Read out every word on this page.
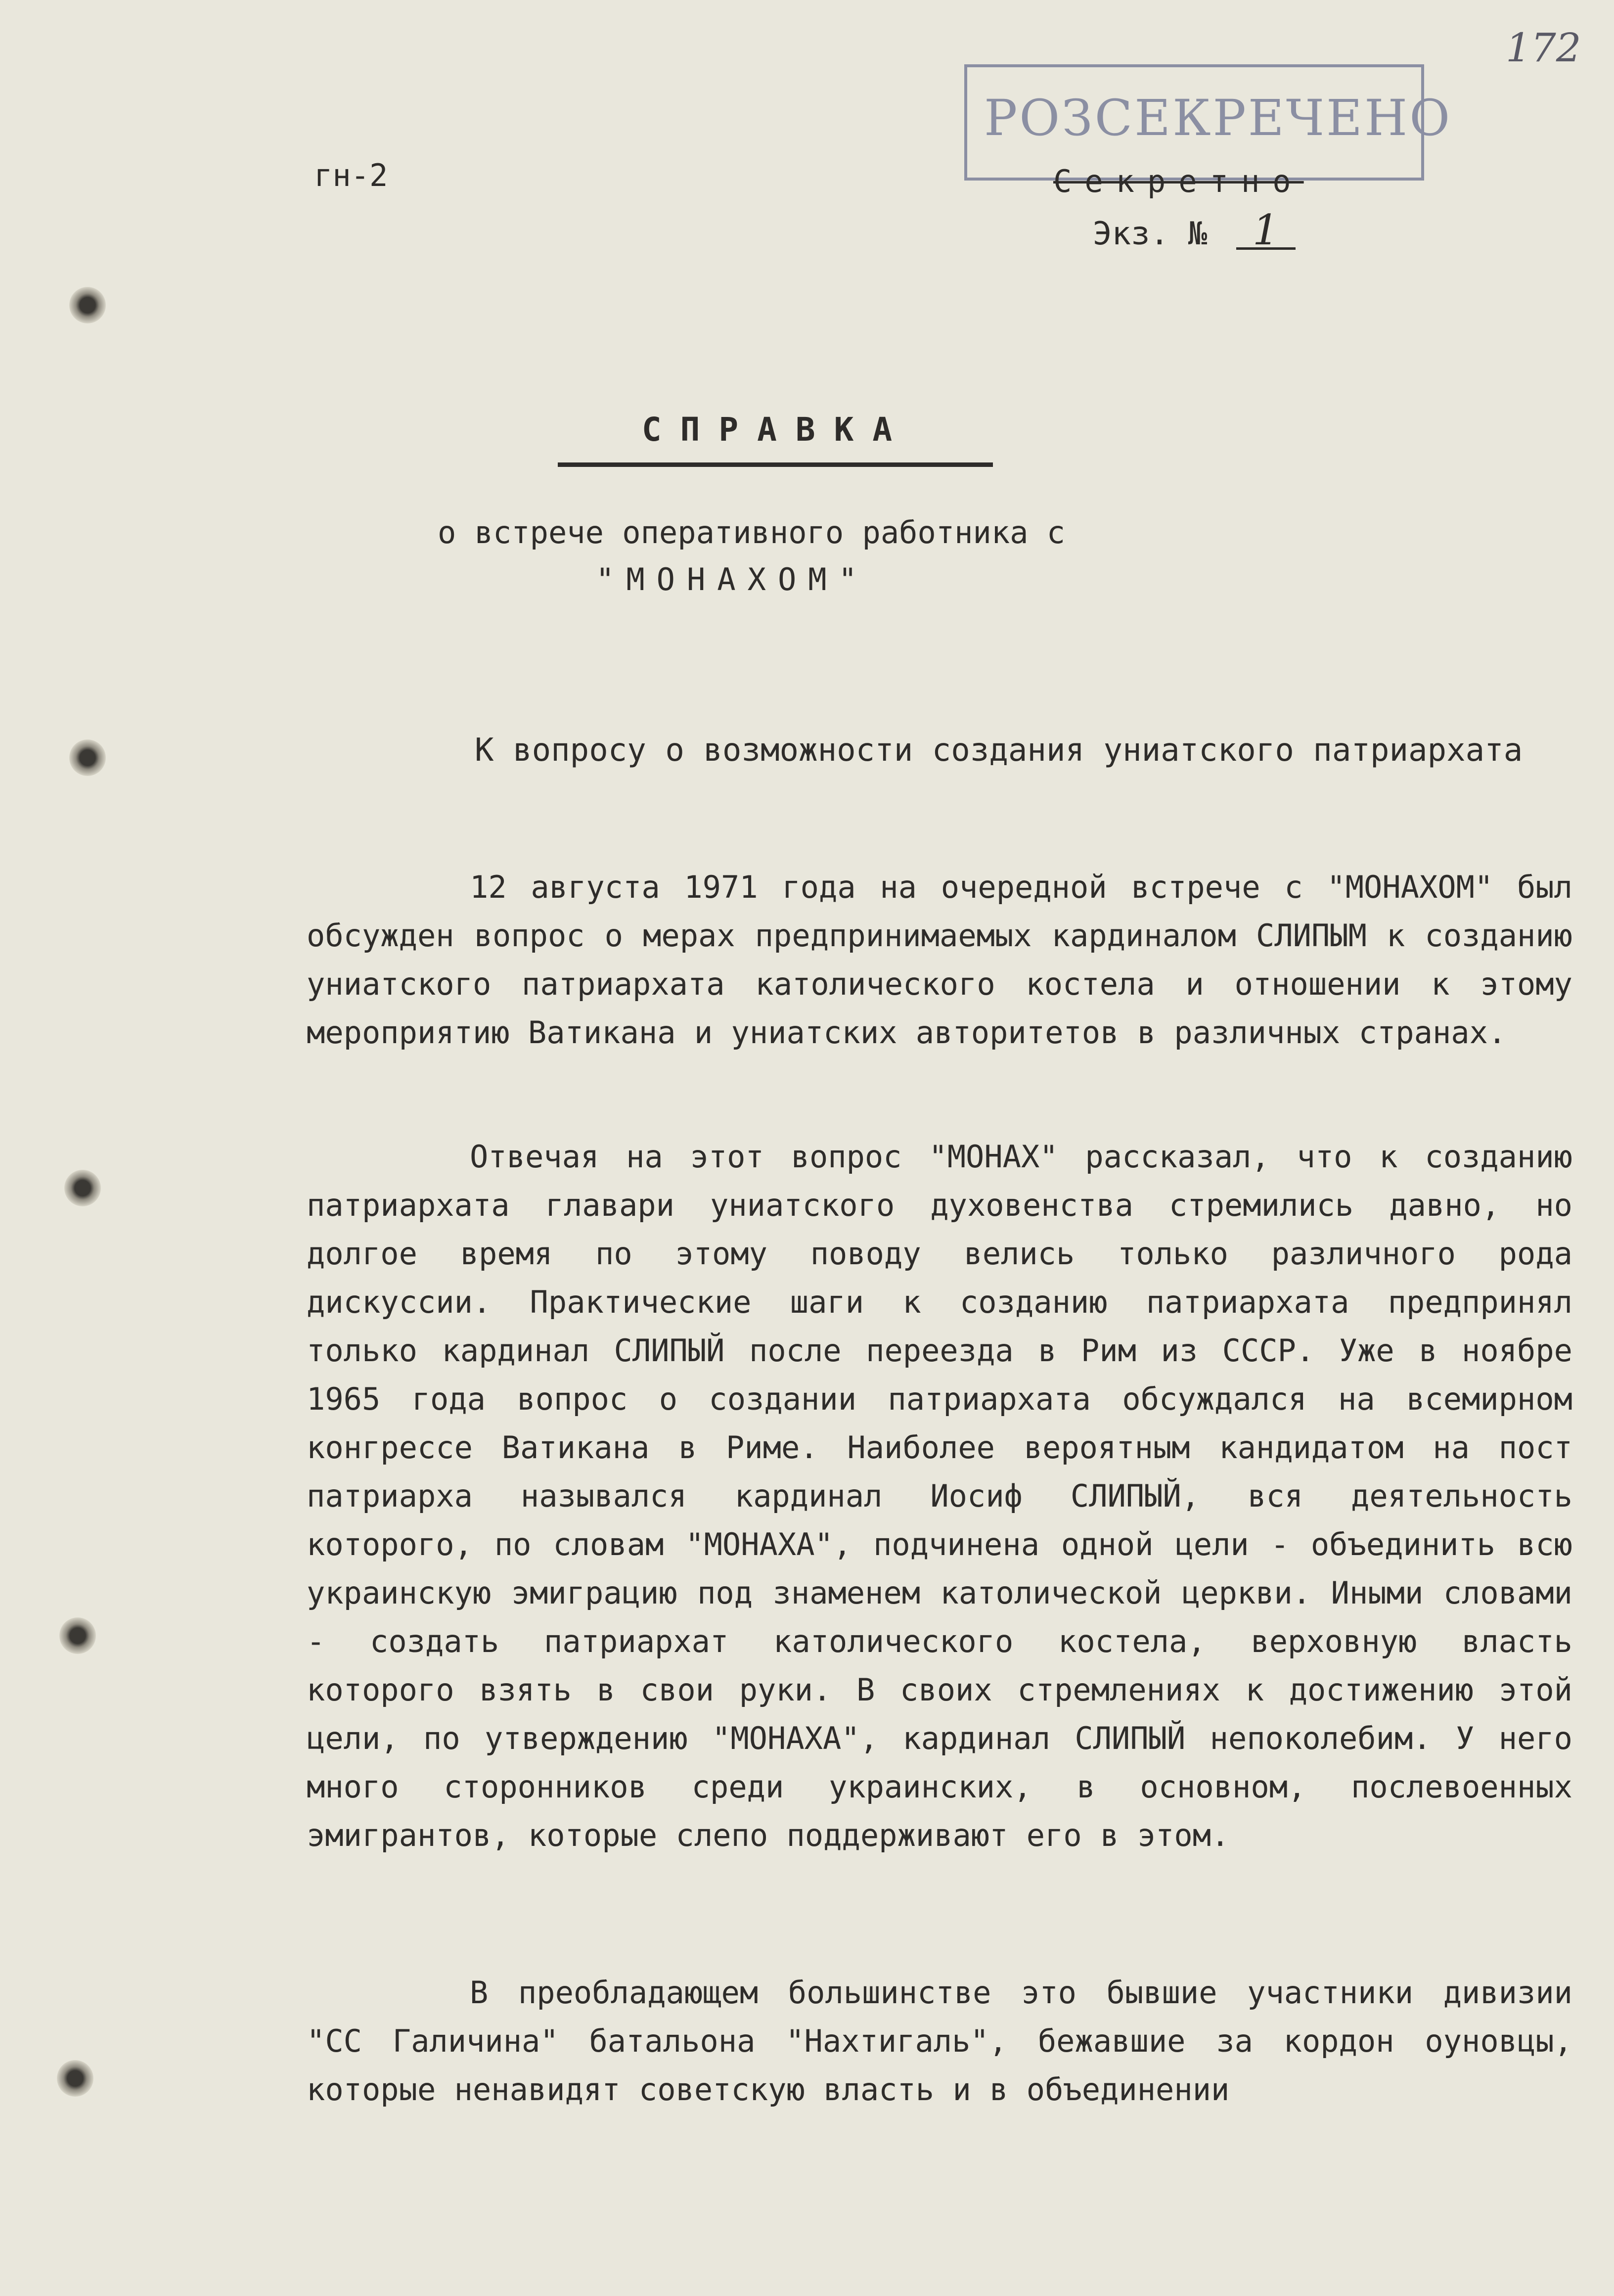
172
РОЗСЕКРЕЧЕНО
гн-2	Секретно
Экз. № 1
СПРАВКА
о встрече оперативного работника с
"МОНАХОМ"
К вопросу о возможности создания униатского патриархата

12 августа 1971 года на очередной встрече с "МОНАХОМ" был обсужден вопрос о мерах предпринимаемых кардиналом СЛИПЫМ к созданию униатского патриархата католического костела и отношении к этому мероприятию Ватикана и униатских авторитетов в различных странах.

Отвечая на этот вопрос "МОНАХ" рассказал, что к созданию патриархата главари униатского духовенства стремились давно, но долгое время по этому поводу велись только различного рода дискуссии. Практические шаги к созданию патриархата предпринял только кардинал СЛИПЫЙ после переезда в Рим из СССР. Уже в ноябре 1965 года вопрос о создании патриархата обсуждался на всемирном конгрессе Ватикана в Риме. Наиболее вероятным кандидатом на пост патриарха назывался кардинал Иосиф СЛИПЫЙ, вся деятельность которого, по словам "МОНАХА", подчинена одной цели - объединить всю украинскую эмиграцию под знаменем католической церкви. Иными словами - создать патриархат католического костела, верховную власть которого взять в свои руки. В своих стремлениях к достижению этой цели, по утверждению "МОНАХА", кардинал СЛИПЫЙ непоколебим. У него много сторонников среди украинских, в основном, послевоенных эмигрантов, которые слепо поддерживают его в этом.

В преобладающем большинстве это бывшие участники дивизии "СС Галичина" батальона "Нахтигаль", бежавшие за кордон оуновцы, которые ненавидят советскую власть и в объединении
